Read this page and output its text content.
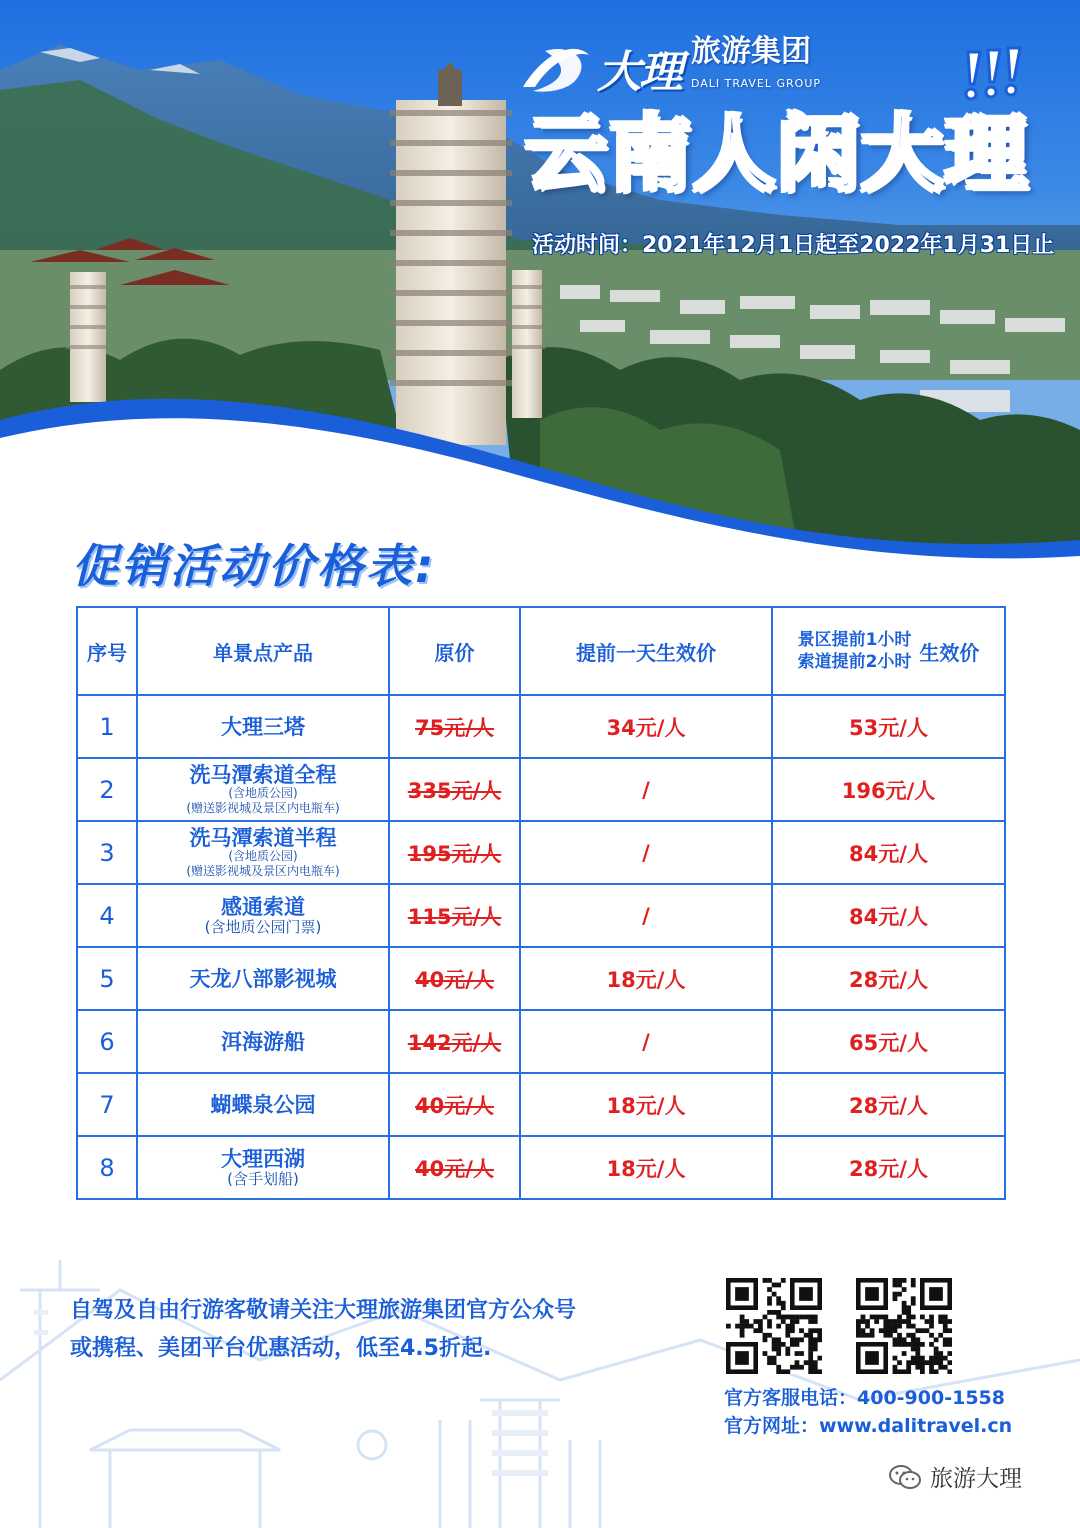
大理 旅游集团
DALI TRAVEL GROUP
云南人闲大理
活动时间：2021年12月1日起至2022年1月31日止
促销活动价格表:
序号	单景点产品	原价	提前一天生效价	景区提前1小时
索道提前2小时 生效价
1	大理三塔	75元/人	34元/人	53元/人
2	洗马潭索道全程
(含地质公园)
(赠送影视城及景区内电瓶车)	335元/人	/	196元/人
3	洗马潭索道半程
(含地质公园)
(赠送影视城及景区内电瓶车)	195元/人	/	84元/人
4	感通索道
(含地质公园门票)	115元/人	/	84元/人
5	天龙八部影视城	40元/人	18元/人	28元/人
6	洱海游船	142元/人	/	65元/人
7	蝴蝶泉公园	40元/人	18元/人	28元/人
8	大理西湖
(含手划船)	40元/人	18元/人	28元/人
自驾及自由行游客敬请关注大理旅游集团官方公众号
或携程、美团平台优惠活动，低至4.5折起.
官方客服电话：400-900-1558
官方网址：www.dalitravel.cn
旅游大理
